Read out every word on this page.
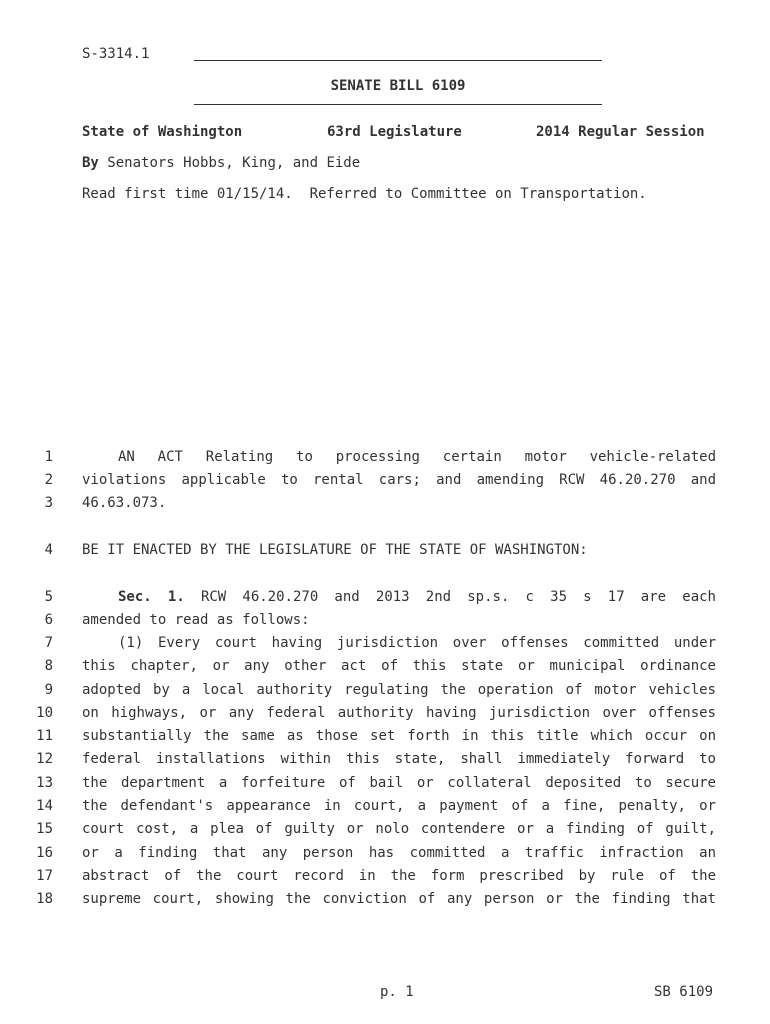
S-3314.1
SENATE BILL 6109
State of Washington	63rd Legislature	2014 Regular Session
By Senators Hobbs, King, and Eide
Read first time 01/15/14.  Referred to Committee on Transportation.
1	AN ACT Relating to processing certain motor vehicle-related
2 violations applicable to rental cars; and amending RCW 46.20.270 and
3 46.63.073.
4 BE IT ENACTED BY THE LEGISLATURE OF THE STATE OF WASHINGTON:
5	Sec. 1. RCW 46.20.270 and 2013 2nd sp.s. c 35 s 17 are each
6 amended to read as follows:
7	(1) Every court having jurisdiction over offenses committed under
8 this chapter, or any other act of this state or municipal ordinance
9 adopted by a local authority regulating the operation of motor vehicles
10 on highways, or any federal authority having jurisdiction over offenses
11 substantially the same as those set forth in this title which occur on
12 federal installations within this state, shall immediately forward to
13 the department a forfeiture of bail or collateral deposited to secure
14 the defendant's appearance in court, a payment of a fine, penalty, or
15 court cost, a plea of guilty or nolo contendere or a finding of guilt,
16 or a finding that any person has committed a traffic infraction an
17 abstract of the court record in the form prescribed by rule of the
18 supreme court, showing the conviction of any person or the finding that
p. 1	SB 6109
